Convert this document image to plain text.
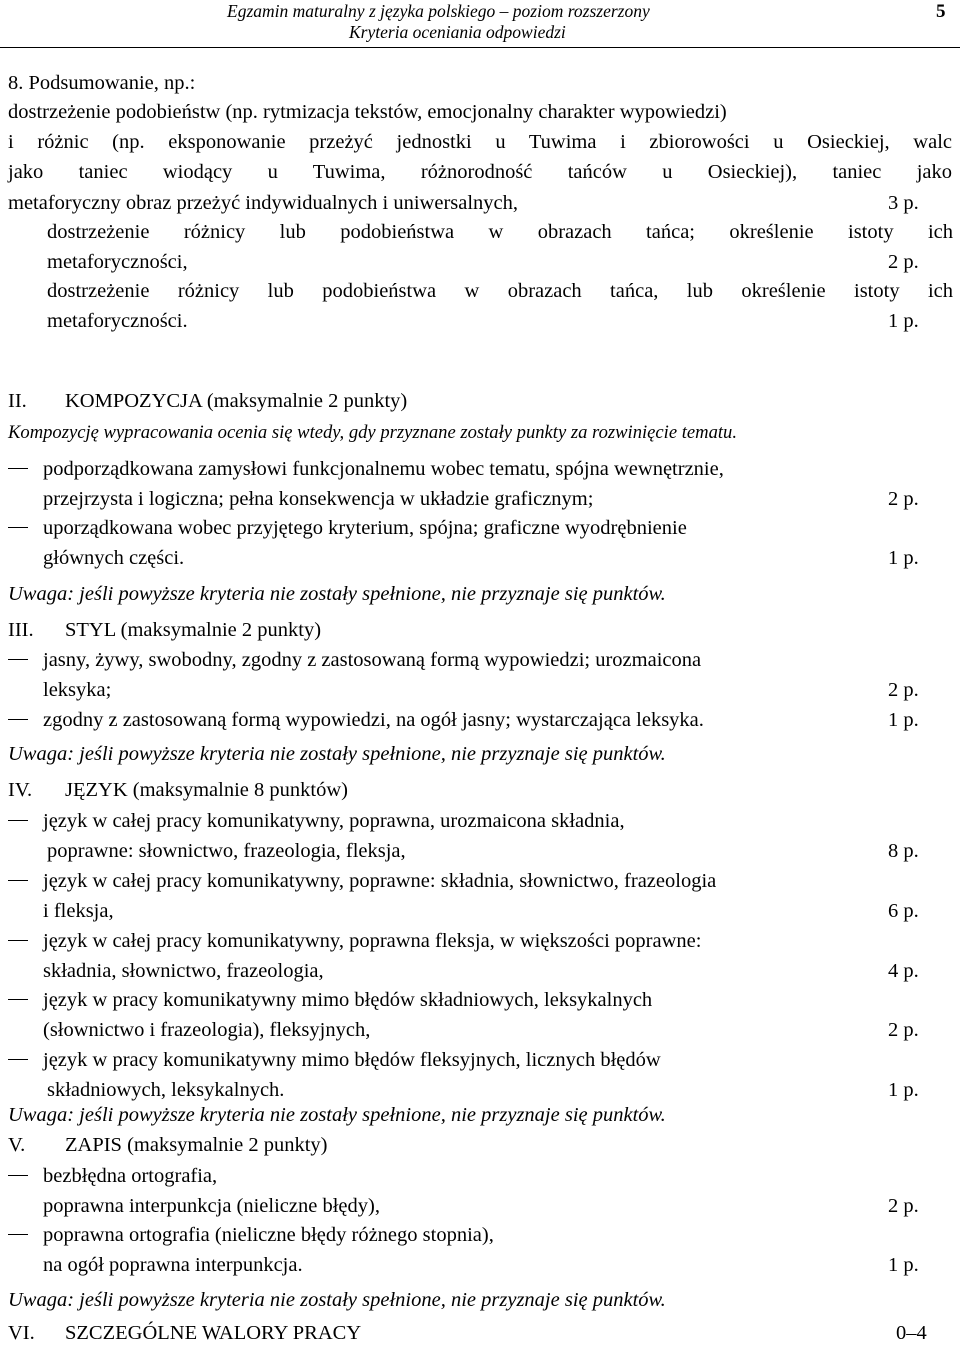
Egzamin maturalny z języka polskiego – poziom rozszerzony
Kryteria oceniania odpowiedzi
5
8. Podsumowanie, np.:
dostrzeżenie podobieństw (np. rytmizacja tekstów, emocjonalny charakter wypowiedzi)
i różnic (np. eksponowanie przeżyć jednostki u Tuwima i zbiorowości u Osieckiej, walc
jako taniec wiodący u Tuwima, różnorodność tańców u Osieckiej), taniec jako
metaforyczny obraz przeżyć indywidualnych i uniwersalnych,	3 p.
dostrzeżenie różnicy lub podobieństwa w obrazach tańca; określenie istoty ich
metaforyczności,	2 p.
dostrzeżenie różnicy lub podobieństwa w obrazach tańca, lub określenie istoty ich
metaforyczności.	1 p.
II. KOMPOZYCJA (maksymalnie 2 punkty)
Kompozycję wypracowania ocenia się wtedy, gdy przyznane zostały punkty za rozwinięcie tematu.
podporządkowana zamysłowi funkcjonalnemu wobec tematu, spójna wewnętrznie,
przejrzysta i logiczna; pełna konsekwencja w układzie graficznym;	2 p.
uporządkowana wobec przyjętego kryterium, spójna; graficzne wyodrębnienie
głównych części.	1 p.
Uwaga: jeśli powyższe kryteria nie zostały spełnione, nie przyznaje się punktów.
III. STYL (maksymalnie 2 punkty)
jasny, żywy, swobodny, zgodny z zastosowaną formą wypowiedzi; urozmaicona
leksyka;	2 p.
zgodny z zastosowaną formą wypowiedzi, na ogół jasny; wystarczająca leksyka.	1 p.
Uwaga: jeśli powyższe kryteria nie zostały spełnione, nie przyznaje się punktów.
IV. JĘZYK (maksymalnie 8 punktów)
język w całej pracy komunikatywny, poprawna, urozmaicona składnia,
poprawne: słownictwo, frazeologia, fleksja,	8 p.
język w całej pracy komunikatywny, poprawne: składnia, słownictwo, frazeologia
i fleksja,	6 p.
język w całej pracy komunikatywny, poprawna fleksja, w większości poprawne:
składnia, słownictwo, frazeologia,	4 p.
język w pracy komunikatywny mimo błędów składniowych, leksykalnych
(słownictwo i frazeologia), fleksyjnych,	2 p.
język w pracy komunikatywny mimo błędów fleksyjnych, licznych błędów
składniowych, leksykalnych.	1 p.
Uwaga: jeśli powyższe kryteria nie zostały spełnione, nie przyznaje się punktów.
V. ZAPIS (maksymalnie 2 punkty)
bezbłędna ortografia,
poprawna interpunkcja (nieliczne błędy),	2 p.
poprawna ortografia (nieliczne błędy różnego stopnia),
na ogół poprawna interpunkcja.	1 p.
Uwaga: jeśli powyższe kryteria nie zostały spełnione, nie przyznaje się punktów.
VI. SZCZEGÓLNE WALORY PRACY	0–4
